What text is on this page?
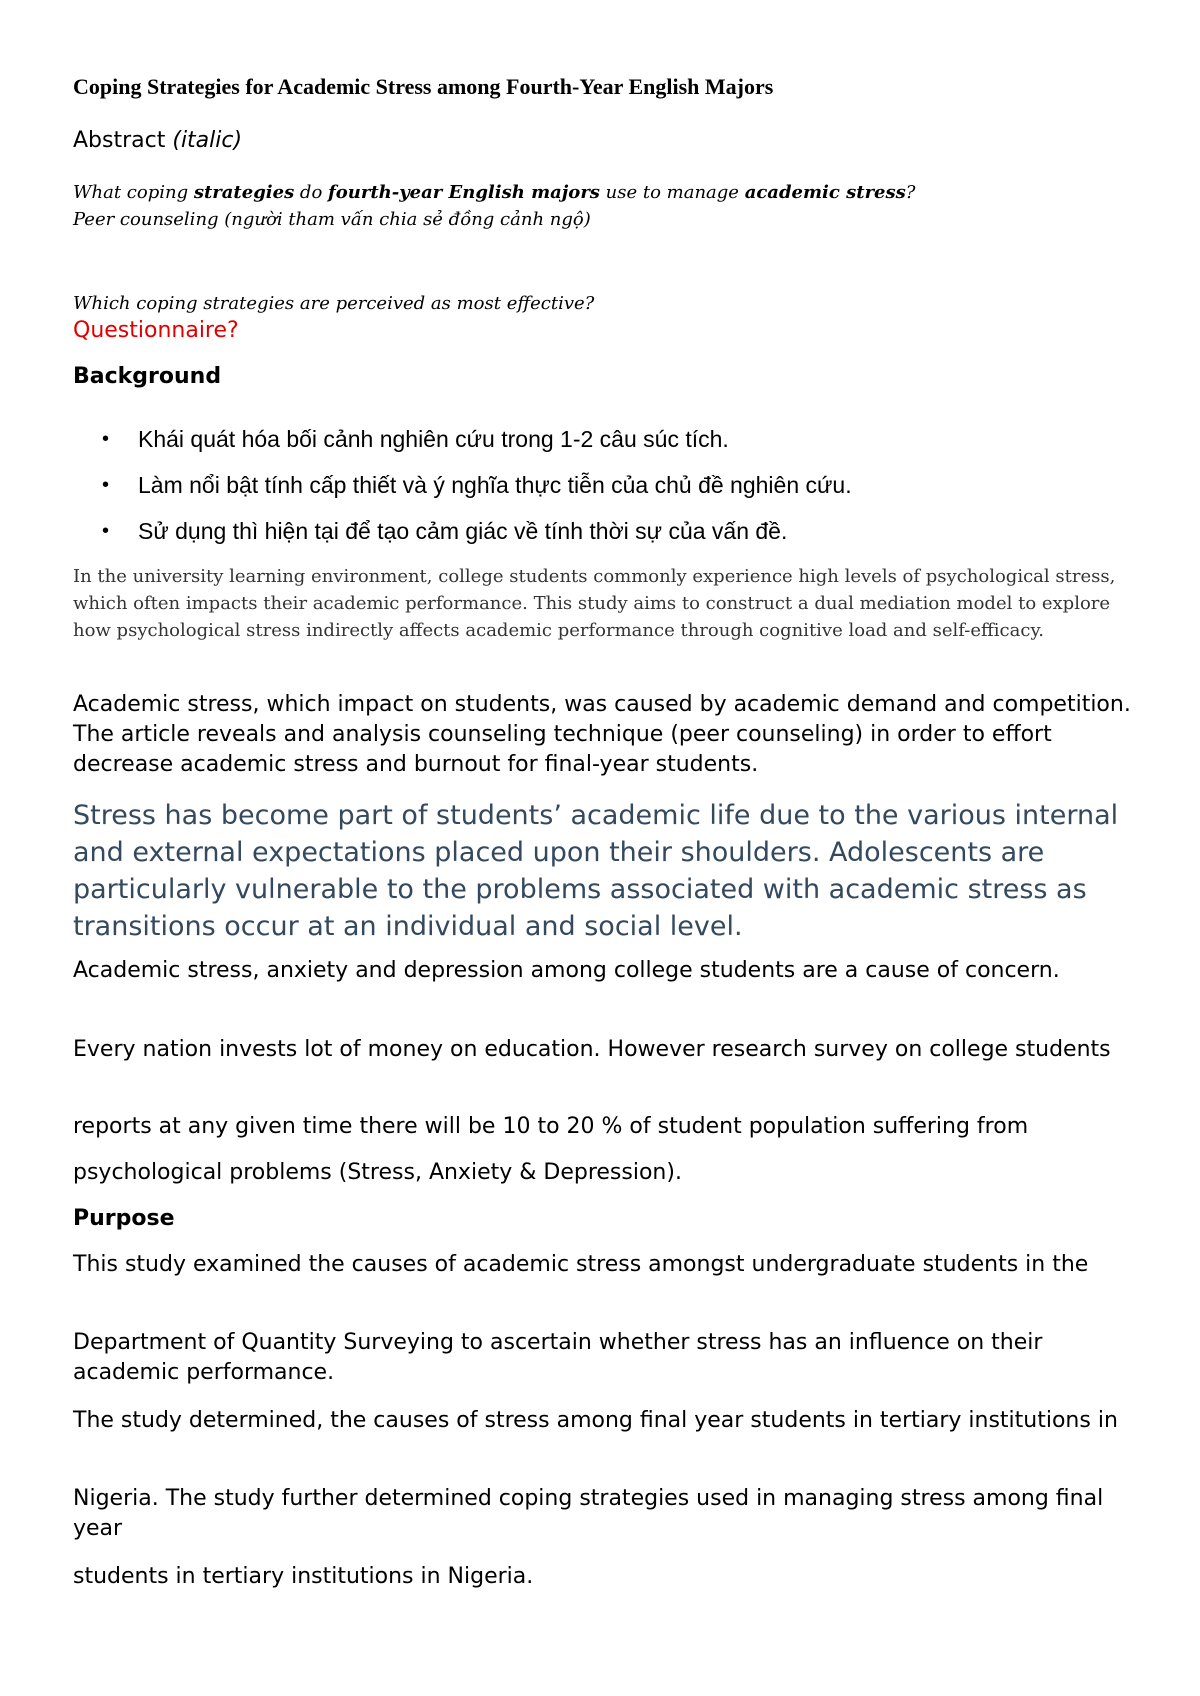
Coping Strategies for Academic Stress among Fourth-Year English Majors

Abstract (italic)

What coping strategies do fourth-year English majors use to manage academic stress?

Peer counseling (người tham vấn chia sẻ đồng cảnh ngộ)

Which coping strategies are perceived as most effective?

Questionnaire?

Background
• Khái quát hóa bối cảnh nghiên cứu trong 1-2 câu súc tích.
• Làm nổi bật tính cấp thiết và ý nghĩa thực tiễn của chủ đề nghiên cứu.
• Sử dụng thì hiện tại để tạo cảm giác về tính thời sự của vấn đề.

In the university learning environment, college students commonly experience high levels of psychological stress, which often impacts their academic performance. This study aims to construct a dual mediation model to explore how psychological stress indirectly affects academic performance through cognitive load and self-efficacy.

Academic stress, which impact on students, was caused by academic demand and competition. The article reveals and analysis counseling technique (peer counseling) in order to effort decrease academic stress and burnout for final-year students.

Stress has become part of students’ academic life due to the various internal and external expectations placed upon their shoulders. Adolescents are particularly vulnerable to the problems associated with academic stress as transitions occur at an individual and social level.

Academic stress, anxiety and depression among college students are a cause of concern.

Every nation invests lot of money on education. However research survey on college students

reports at any given time there will be 10 to 20 % of student population suffering from

psychological problems (Stress, Anxiety & Depression).

Purpose

This study examined the causes of academic stress amongst undergraduate students in the

Department of Quantity Surveying to ascertain whether stress has an influence on their academic performance.

The study determined, the causes of stress among final year students in tertiary institutions in

Nigeria. The study further determined coping strategies used in managing stress among final year

students in tertiary institutions in Nigeria.
